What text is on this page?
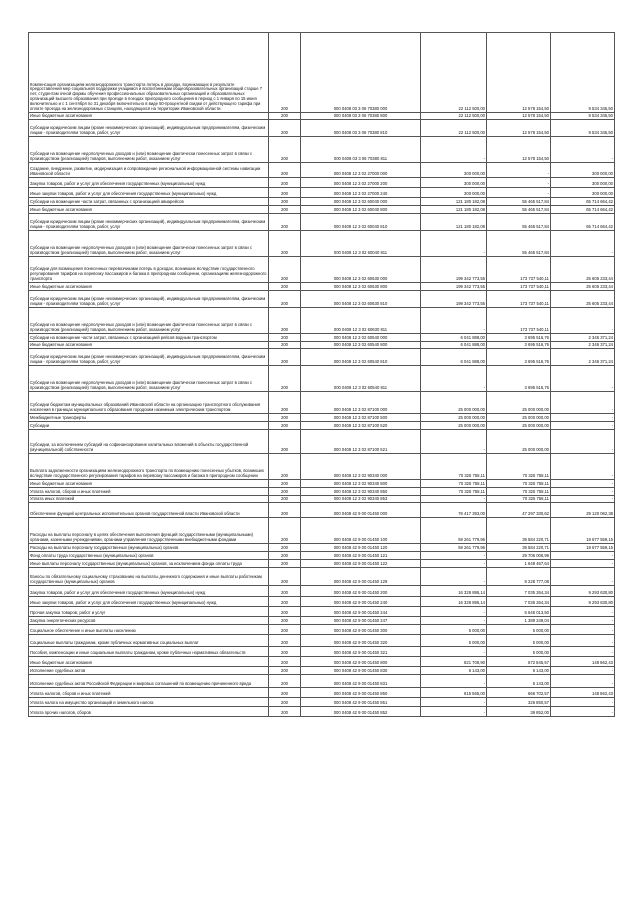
Компенсация организациям железнодорожного транспорта потерь в доходах, возникающих в результате предоставления мер социальной поддержки учащимся и воспитанникам общеобразовательных организаций старше 7 лет, студентам очной формы обучения профессиональных образовательных организаций и образовательных организаций высшего образования при проезде в поездах пригородного сообщения в период с 1 января по 15 июня включительно и с 1 сентября по 31 декабря включительно в виде 50-процентной скидки от действующего тарифа при оплате проезда на железнодорожных станциях, находящихся на территории Ивановской области	200	000 0408 03 3 06 70380 000	22 112 500,00	12 578 154,50	9 534 345,50
Иные бюджетные ассигнования	200	000 0408 03 3 06 70380 800	22 112 500,00	12 578 154,50	9 534 345,50
Субсидии юридическим лицам (кроме некоммерческих организаций), индивидуальным предпринимателям, физическим лицам - производителям товаров, работ, услуг	200	000 0408 03 3 06 70380 810	22 112 500,00	12 578 154,50	9 534 345,50
Субсидии на возмещение недополученных доходов и (или) возмещение фактически понесенных затрат в связи с производством (реализацией) товаров, выполнением работ, оказанием услуг	200	000 0408 03 3 06 70380 811	-	12 578 154,50	-
Создание, внедрение, развитие, модернизация и сопровождение региональной информационной системы навигации Ивановской области	200	000 0408 12 3 02 27000 000	300 000,00	-	300 000,00
Закупка товаров, работ и услуг для обеспечения государственных (муниципальных) нужд	200	000 0408 12 3 02 27000 200	300 000,00	-	300 000,00
Иные закупки товаров, работ и услуг для обеспечения государственных (муниципальных) нужд	200	000 0408 12 3 02 27000 240	300 000,00	-	300 000,00
Субсидии на возмещение части затрат, связанных с организацией авиарейсов	200	000 0408 12 3 02 60040 000	121 180 182,08	55 465 517,84	65 714 664,42
Иные бюджетные ассигнования	200	000 0408 12 3 02 60040 800	121 180 182,08	55 465 517,84	65 714 664,42
Субсидии юридическим лицам (кроме некоммерческих организаций), индивидуальным предпринимателям, физическим лицам - производителям товаров, работ, услуг	200	000 0408 12 3 02 60040 810	121 180 182,08	55 465 517,84	65 714 664,42
Субсидии на возмещение недополученных доходов и (или) возмещение фактически понесенных затрат в связи с производством (реализацией) товаров, выполнением работ, оказанием услуг	200	000 0408 12 3 02 60040 811	-	55 465 517,84	-
Субсидии для возмещения понесенных перевозчиками потерь в доходах, возникших вследствие государственного регулирования тарифов на перевозку пассажиров и багажа в пригородном сообщении, организациям железнодорожного транспорта	200	000 0408 12 3 02 60630 000	199 342 773,55	173 737 540,11	25 605 233,44
Иные бюджетные ассигнования	200	000 0408 12 3 02 60630 800	199 342 773,55	173 737 540,11	25 605 233,44
Субсидии юридическим лицам (кроме некоммерческих организаций), индивидуальным предпринимателям, физическим лицам - производителям товаров, работ, услуг	200	000 0408 12 3 02 60630 810	199 342 773,55	173 737 540,11	25 605 233,44
Субсидии на возмещение недополученных доходов и (или) возмещение фактически понесенных затрат в связи с производством (реализацией) товаров, выполнением работ, оказанием услуг	200	000 0408 12 3 02 60630 811	-	173 737 540,11	-
Субсидии на возмещение части затрат, связанных с организацией рейсов водным транспортом	200	000 0408 12 3 02 60540 000	6 041 888,00	3 695 516,76	2 346 371,24
Иные бюджетные ассигнования	200	000 0408 12 3 02 60540 800	6 041 888,00	3 695 516,76	2 346 371,24
Субсидии юридическим лицам (кроме некоммерческих организаций), индивидуальным предпринимателям, физическим лицам - производителям товаров, работ, услуг	200	000 0408 12 3 02 60540 810	6 041 888,00	3 695 516,76	2 346 371,24
Субсидии на возмещение недополученных доходов и (или) возмещение фактически понесенных затрат в связи с производством (реализацией) товаров, выполнением работ, оказанием услуг	200	000 0408 12 3 02 60540 811	-	3 695 516,76	-
Субсидии бюджетам муниципальных образований Ивановской области на организацию транспортного обслуживания населения в границах муниципального образования городским наземным электрическим транспортом	200	000 0408 12 3 02 87100 000	25 000 000,00	25 000 000,00	-
Межбюджетные трансферты	200	000 0408 12 3 02 87100 500	25 000 000,00	25 000 000,00	-
Субсидии	200	000 0408 12 3 02 87100 520	25 000 000,00	25 000 000,00	-
Субсидии, за исключением субсидий на софинансирование капитальных вложений в объекты государственной (муниципальной) собственности	200	000 0408 12 3 02 87100 521	-	25 000 000,00	-
Выплата задолженности организациям железнодорожного транспорта по возмещению понесенных убытков, возникших вследствие государственного регулирования тарифов на перевозку пассажиров и багажа в пригородном сообщении	200	000 0408 12 3 02 90340 000	70 325 758,11	70 325 758,11	-
Иные бюджетные ассигнования	200	000 0408 12 3 02 90340 800	70 325 758,11	70 325 758,11	-
Уплата налогов, сборов и иных платежей	200	000 0408 12 3 02 90340 850	70 325 758,11	70 325 758,11	-
Уплата иных платежей	200	000 0408 12 3 02 90340 853	-	70 325 758,11	-
Обеспечение функций центральных исполнительных органов государственной власти Ивановской области	200	000 0408 42 9 00 01450 000	76 417 393,00	47 297 330,62	29 120 062,38
Расходы на выплаты персоналу в целях обеспечения выполнения функций государственными (муниципальными) органами, казенными учреждениями, органами управления государственными внебюджетными фондами	200	000 0408 42 9 00 01450 100	59 261 779,96	39 584 220,71	19 677 559,15
Расходы на выплаты персоналу государственных (муниципальных) органов	200	000 0408 42 9 00 01450 120	59 261 779,96	39 584 220,71	19 677 559,15
Фонд оплаты труда государственных (муниципальных) органов	200	000 0408 42 9 00 01450 121	-	29 706 006,99	-
Иные выплаты персоналу государственных (муниципальных) органов, за исключением фонда оплаты труда	200	000 0408 42 9 00 01450 122	-	1 649 467,64	-
Взносы по обязательному социальному страхованию на выплаты денежного содержания и иные выплаты работникам государственных (муниципальных) органов	200	000 0408 42 9 00 01450 129	-	8 228 777,08	-
Закупка товаров, работ и услуг для обеспечения государственных (муниципальных) нужд	200	000 0408 42 9 00 01450 200	16 328 895,14	7 035 264,34	9 293 630,80
Иные закупки товаров, работ и услуг для обеспечения государственных (муниципальных) нужд	200	000 0408 42 9 00 01450 240	16 328 895,14	7 035 264,34	9 293 630,80
Прочая закупка товаров, работ и услуг	200	000 0408 42 9 00 01450 244	-	5 646 013,50	-
Закупка энергетических ресурсов	200	000 0408 42 9 00 01450 247	-	1 389 249,04	-
Социальное обеспечение и иные выплаты населению	200	000 0408 42 9 00 01450 300	5 000,00	5 000,00	-
Социальные выплаты гражданам, кроме публичных нормативных социальных выплат	200	000 0408 42 9 00 01450 320	5 000,00	5 000,00	-
Пособия, компенсации и иные социальные выплаты гражданам, кроме публичных нормативных обязательств	200	000 0408 42 9 00 01450 321	-	5 000,00	-
Иные бюджетные ассигнования	200	000 0408 42 9 00 01450 800	821 708,90	672 845,57	148 862,43
Исполнение судебных актов	200	000 0408 42 9 00 01450 830	6 143,00	6 143,00	-
Исполнение судебных актов Российской Федерации и мировых соглашений по возмещению причиненного вреда	200	000 0408 42 9 00 01450 831	-	6 143,00	-
Уплата налогов, сборов и иных платежей	200	000 0408 42 9 00 01450 850	815 565,00	666 702,57	148 862,43
Уплата налога на имущество организаций и земельного налога	200	000 0408 42 9 00 01450 851	-	326 850,57	-
Уплата прочих налогов, сборов	200	000 0408 42 9 00 01450 852	-	39 852,00	-
